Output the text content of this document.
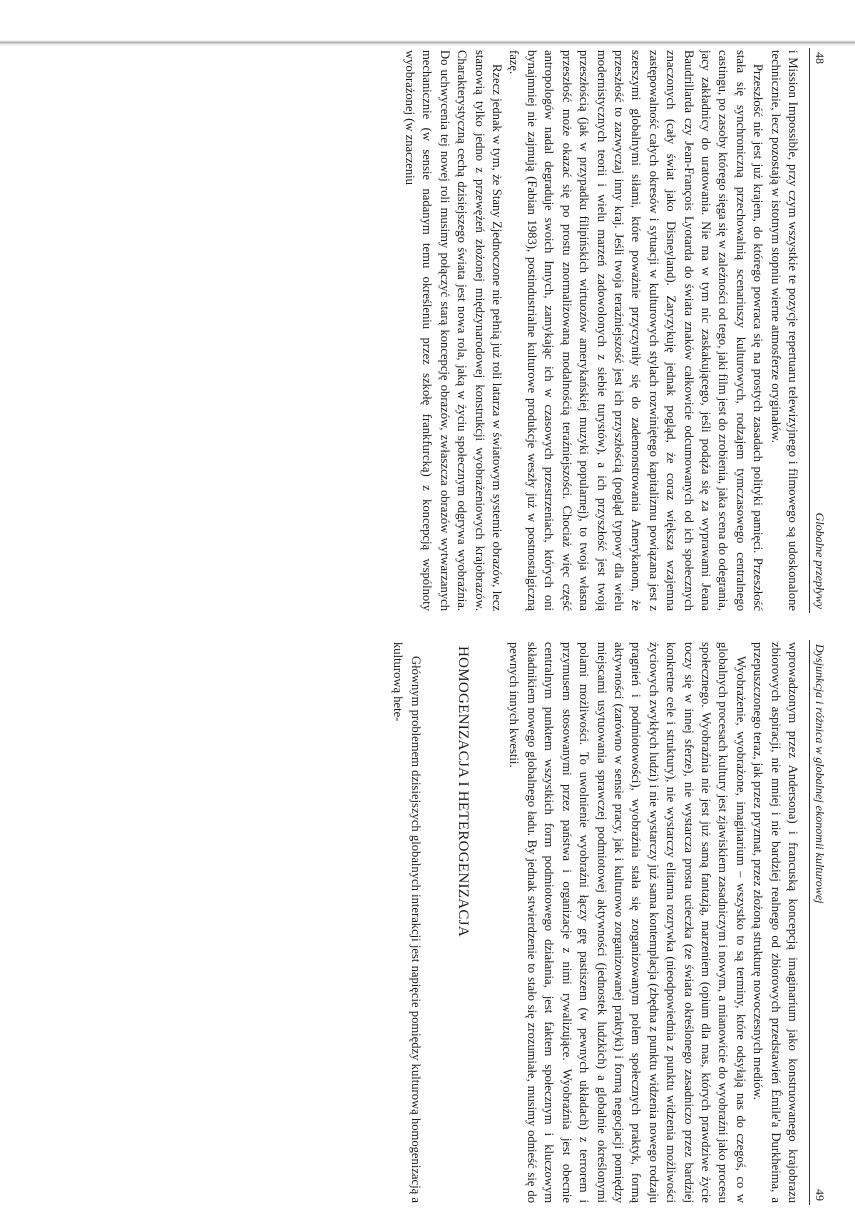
48
Globalne przepływy

i Mission Impossible, przy czym wszystkie te pozycje repertuaru telewizyjnego i filmowego są udoskonalone technicznie, lecz pozostają w istotnym stopniu wierne atmosferze oryginałów.

Przeszłość nie jest już krajem, do którego powraca się na prostych zasadach polityki pamięci. Przeszłość stała się synchroniczną przechowalnią scenariuszy kulturowych, rodzajem tymczasowego centralnego castingu, po zasoby którego sięga się w zależności od tego, jaki film jest do zrobienia, jaka scena do odegrania, jacy zakładnicy do uratowania. Nie ma w tym nic zaskakującego, jeśli podąża się za wyprawami Jeana Baudrillarda czy Jean-François Lyotarda do świata znaków całkowicie odcumowanych od ich społecznych znaczonych (cały świat jako Disneyland). Zaryzykuję jednak pogląd, że coraz większa wzajemna zastępowalność całych okresów i sytuacji w kulturowych stylach rozwiniętego kapitalizmu powiązana jest z szerszymi globalnymi siłami, które poważnie przyczyniły się do zademonstrowania Amerykanom, że przeszłość to zazwyczaj inny kraj. Jeśli twoja teraźniejszość jest ich przyszłością (pogląd typowy dla wielu modernistycznych teorii i wielu marzeń zadowolonych z siebie turystów), a ich przyszłość jest twoją przeszłością (jak w przypadku filipińskich wirtuozów amerykańskiej muzyki popularnej), to twoja własna przeszłość może okazać się po prostu znormalizowaną modalnością teraźniejszości. Chociaż więc część antropologów nadal degraduje swoich Innych, zamykając ich w czasowych przestrzeniach, których oni bynajmniej nie zajmują (Fabian 1983), postindustrialne kulturowe produkcje weszły już w postnostalgiczną fazę.

Rzecz jednak w tym, że Stany Zjednoczone nie pełnią już roli latarza w światowym systemie obrazów, lecz stanowią tylko jedno z przewężeń złożonej międzynarodowej konstrukcji wyobrażeniowych krajobrazów. Charakterystyczną cechą dzisiejszego świata jest nowa rola, jaką w życiu społecznym odgrywa wyobraźnia. Do uchwycenia tej nowej roli musimy połączyć starą koncepcję obrazów, zwłaszcza obrazów wytwarzanych mechanicznie (w sensie nadanym temu określeniu przez szkołę frankfurcką) z koncepcją wspólnoty wyobrażonej (w znaczeniu

Dysjunkcja i różnica w globalnej ekonomii kulturowej
49

wprowadzonym przez Andersona) i francuską koncepcją imaginarium jako konstruowanego krajobrazu zbiorowych aspiracji, nie mniej i nie bardziej realnego od zbiorowych przedstawień Émile'a Durkheima, a przepuszczonego teraz, jak przez pryzmat, przez złożoną strukturę nowoczesnych mediów.

Wyobrażenie, wyobrażone, imaginarium – wszystko to są terminy, które odsyłają nas do czegoś, co w globalnych procesach kultury jest zjawiskiem zasadniczym i nowym, a mianowicie do wyobraźni jako procesu społecznego. Wyobraźnia nie jest już samą fantazją, marzeniem (opium dla mas, których prawdziwe życie toczy się w innej sferze), nie wystarcza prosta ucieczka (ze świata określonego zasadniczo przez bardziej konkretne cele i struktury), nie wystarczy elitarna rozrywka (nieodpowiednia z punktu widzenia możliwości życiowych zwykłych ludzi) i nie wystarczy już sama kontemplacja (zbędna z punktu widzenia nowego rodzaju pragnień i podmiotowości), wyobraźnia stała się zorganizowanym polem społecznych praktyk, formą aktywności (zarówno w sensie pracy, jak i kulturowo zorganizowanej praktyki) i formą negocjacji pomiędzy miejscami usytuowania sprawczej podmiotowej aktywności (jednostek ludzkich) a globalnie określonymi polami możliwości. To uwolnienie wyobraźni łączy grę pastiszem (w pewnych układach) z terrorem i przymusem stosowanymi przez państwa i organizacje z nimi rywalizujące. Wyobraźnia jest obecnie centralnym punktem wszystkich form podmiotowego działania, jest faktem społecznym i kluczowym składnikiem nowego globalnego ładu. By jednak stwierdzenie to stało się zrozumiałe, musimy odnieść się do pewnych innych kwestii.

HOMOGENIZACJA I HETEROGENIZACJA

Głównym problemem dzisiejszych globalnych interakcji jest napięcie pomiędzy kulturową homogenizacją a kulturową hete-
